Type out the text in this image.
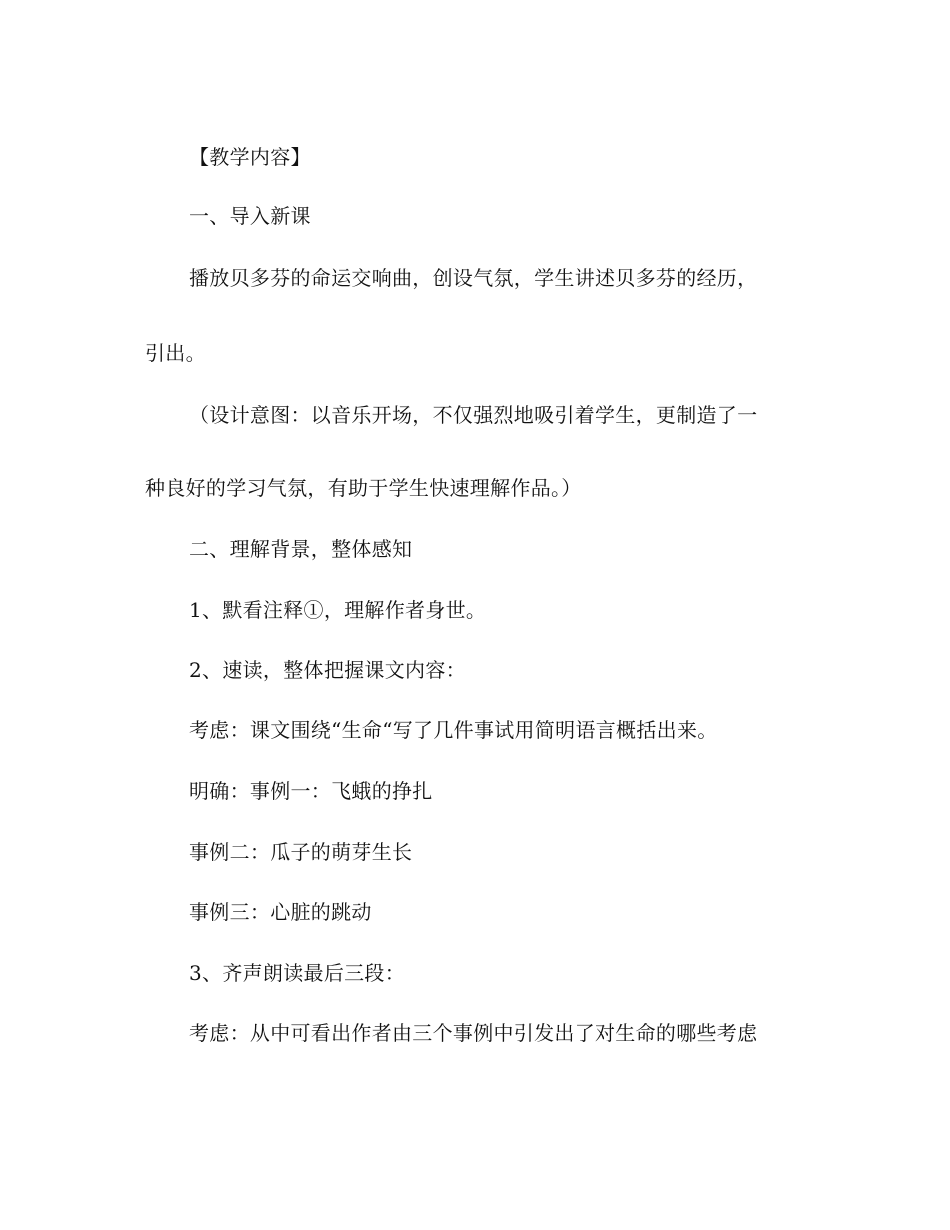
【教学内容】
一、导入新课
播放贝多芬的命运交响曲，创设气氛，学生讲述贝多芬的经历，
引出。
（设计意图：以音乐开场，不仅强烈地吸引着学生，更制造了一
种良好的学习气氛，有助于学生快速理解作品。）
二、理解背景，整体感知
1、默看注释①，理解作者身世。
2、速读，整体把握课文内容：
考虑：课文围绕“生命“写了几件事试用简明语言概括出来。
明确：事例一：飞蛾的挣扎
事例二：瓜子的萌芽生长
事例三：心脏的跳动
3、齐声朗读最后三段：
考虑：从中可看出作者由三个事例中引发出了对生命的哪些考虑
